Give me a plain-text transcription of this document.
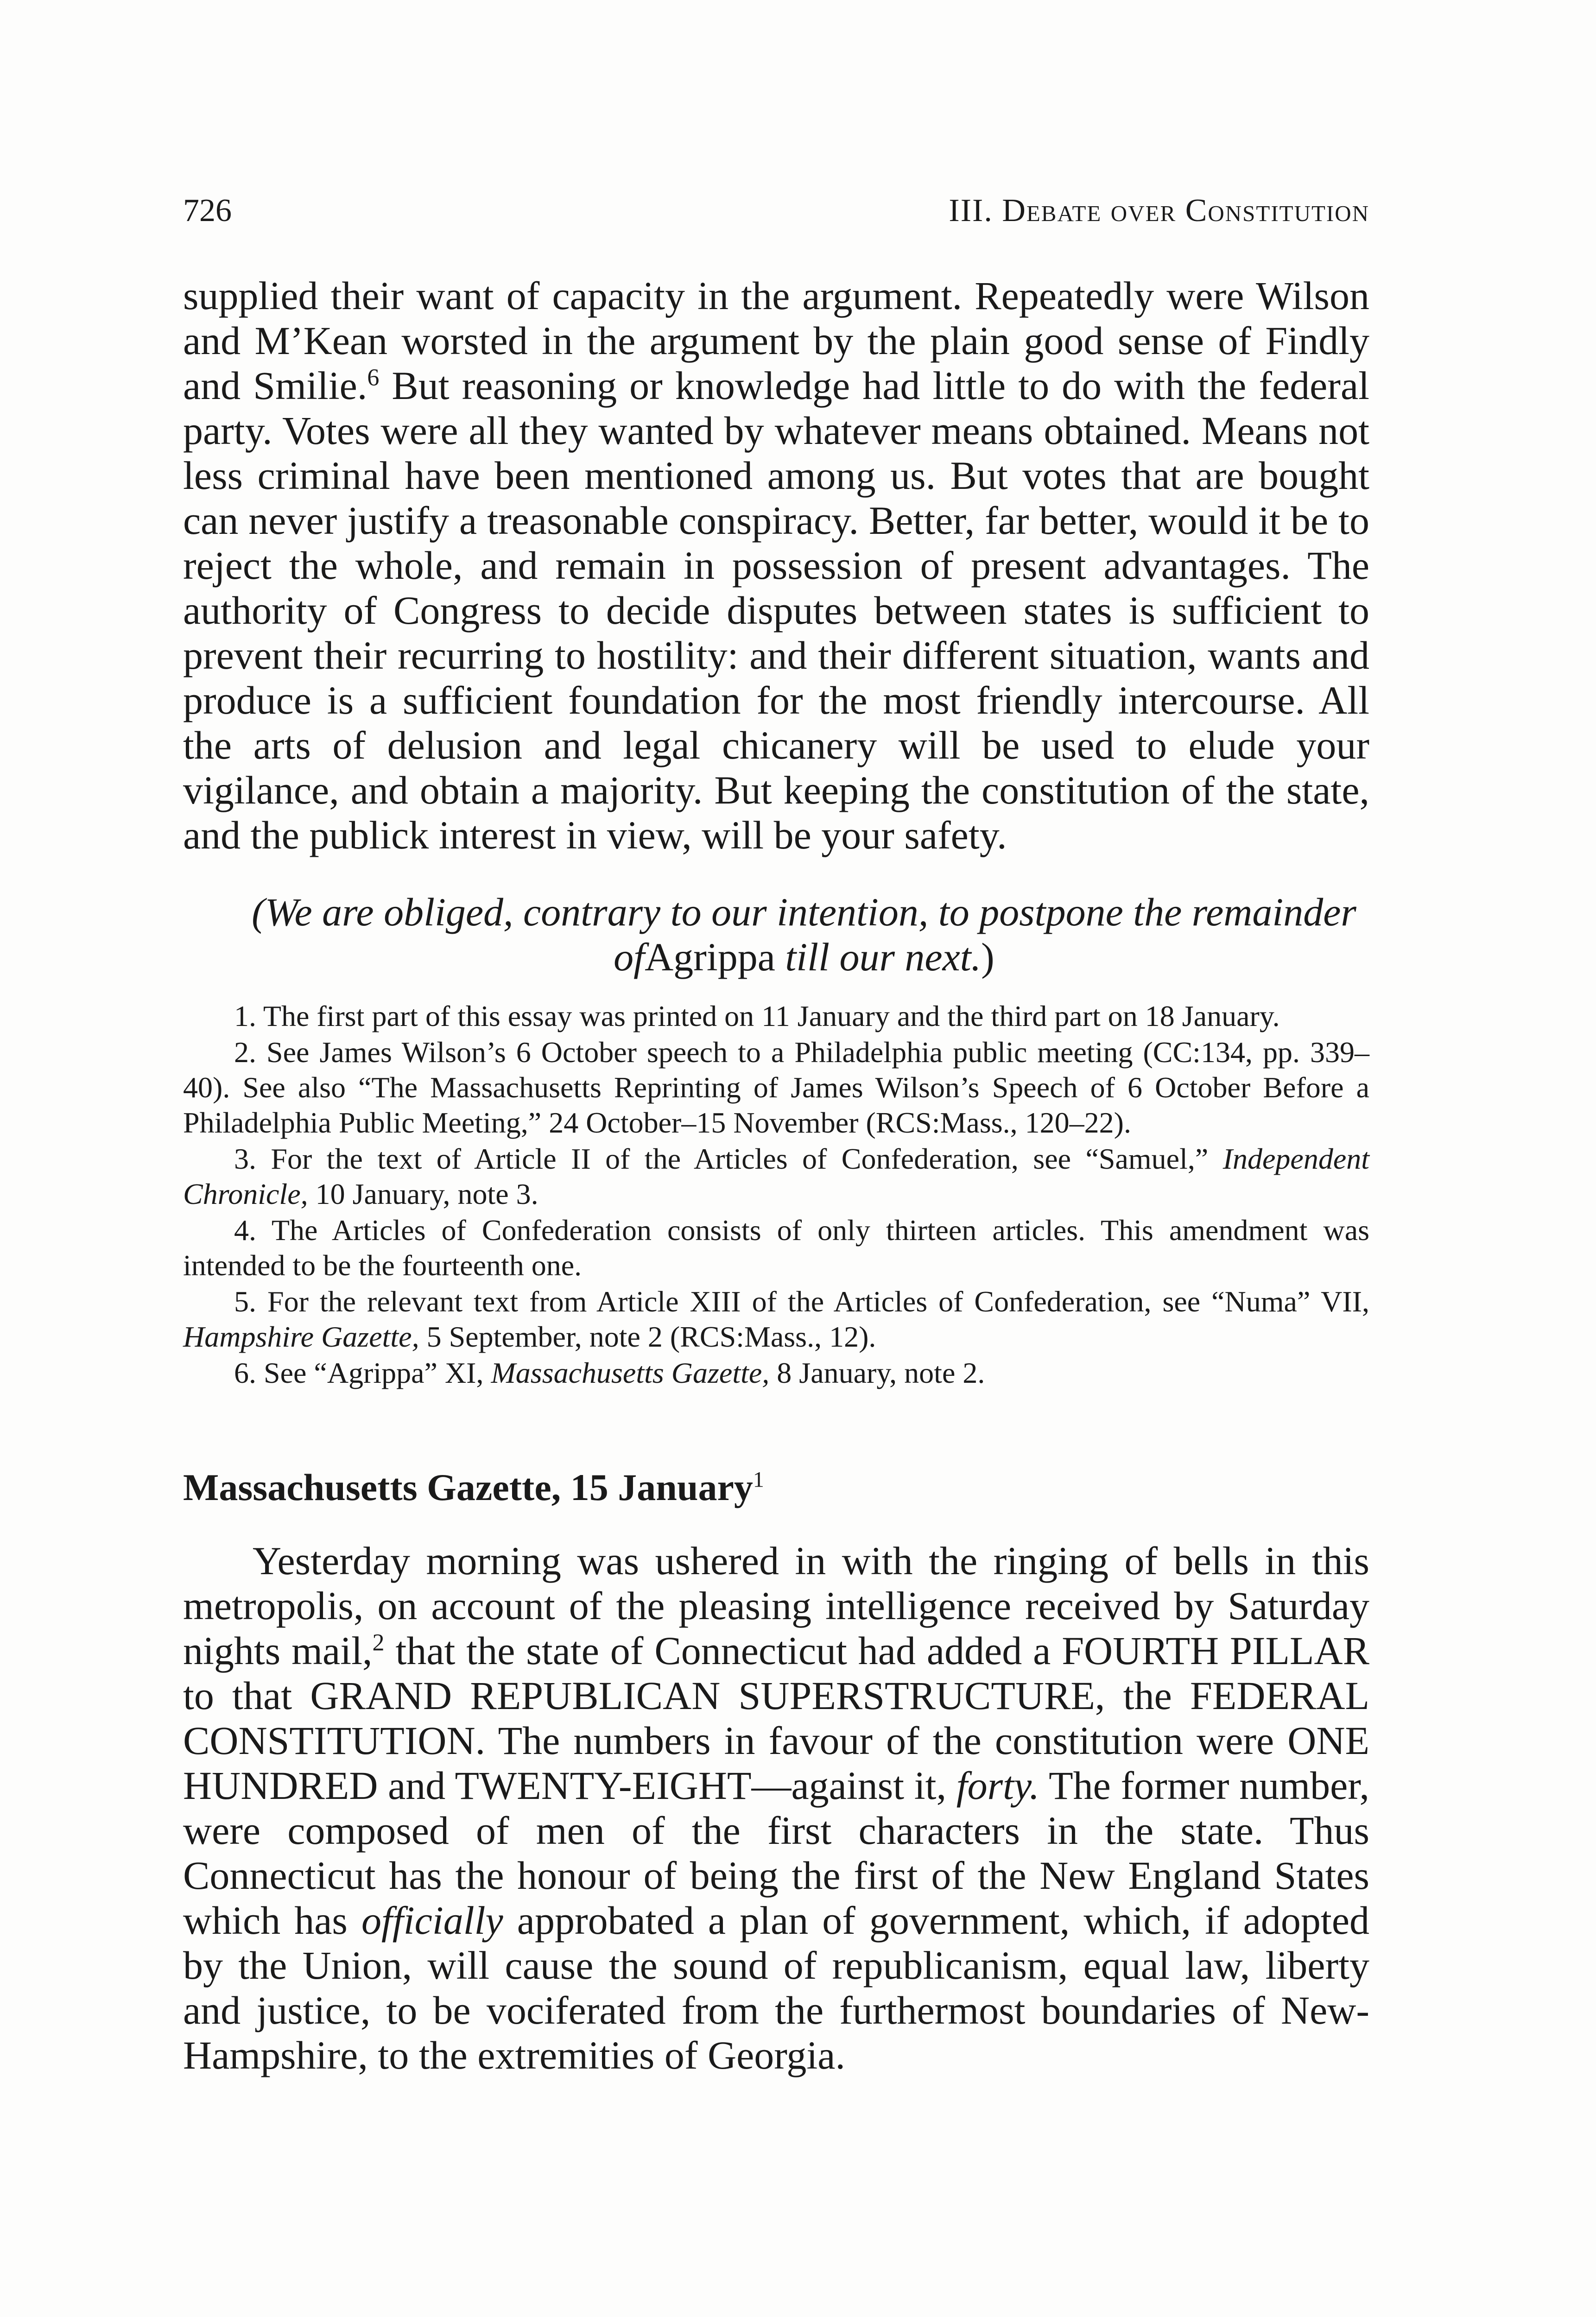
726	III. Debate over Constitution

supplied their want of capacity in the argument. Repeatedly were Wilson and M’Kean worsted in the argument by the plain good sense of Findly and Smilie.$^6$ But reasoning or knowledge had little to do with the federal party. Votes were all they wanted by whatever means obtained. Means not less criminal have been mentioned among us. But votes that are bought can never justify a treasonable conspiracy. Better, far better, would it be to reject the whole, and remain in possession of present advantages. The authority of Congress to decide disputes between states is sufficient to prevent their recurring to hostility: and their different situation, wants and produce is a sufficient foundation for the most friendly intercourse. All the arts of delusion and legal chicanery will be used to elude your vigilance, and obtain a majority. But keeping the constitution of the state, and the publick interest in view, will be your safety.

(We are obliged, contrary to our intention, to postpone the remainder ofAgrippa till our next.)

1. The first part of this essay was printed on 11 January and the third part on 18 January.

2. See James Wilson’s 6 October speech to a Philadelphia public meeting (CC:134, pp. 339–40). See also “The Massachusetts Reprinting of James Wilson’s Speech of 6 October Before a Philadelphia Public Meeting,” 24 October–15 November (RCS:Mass., 120–22).

3. For the text of Article II of the Articles of Confederation, see “Samuel,” Independent Chronicle, 10 January, note 3.

4. The Articles of Confederation consists of only thirteen articles. This amendment was intended to be the fourteenth one.

5. For the relevant text from Article XIII of the Articles of Confederation, see “Numa” VII, Hampshire Gazette, 5 September, note 2 (RCS:Mass., 12).

6. See “Agrippa” XI, Massachusetts Gazette, 8 January, note 2.

Massachusetts Gazette, 15 January$^1$

Yesterday morning was ushered in with the ringing of bells in this metropolis, on account of the pleasing intelligence received by Saturday nights mail,$^2$ that the state of Connecticut had added a FOURTH PILLAR to that GRAND REPUBLICAN SUPERSTRUCTURE, the FEDERAL CONSTITUTION. The numbers in favour of the constitution were ONE HUNDRED and TWENTY-EIGHT—against it, forty. The former number, were composed of men of the first characters in the state. Thus Connecticut has the honour of being the first of the New England States which has officially approbated a plan of government, which, if adopted by the Union, will cause the sound of republicanism, equal law, liberty and justice, to be vociferated from the furthermost boundaries of New-Hampshire, to the extremities of Georgia.
